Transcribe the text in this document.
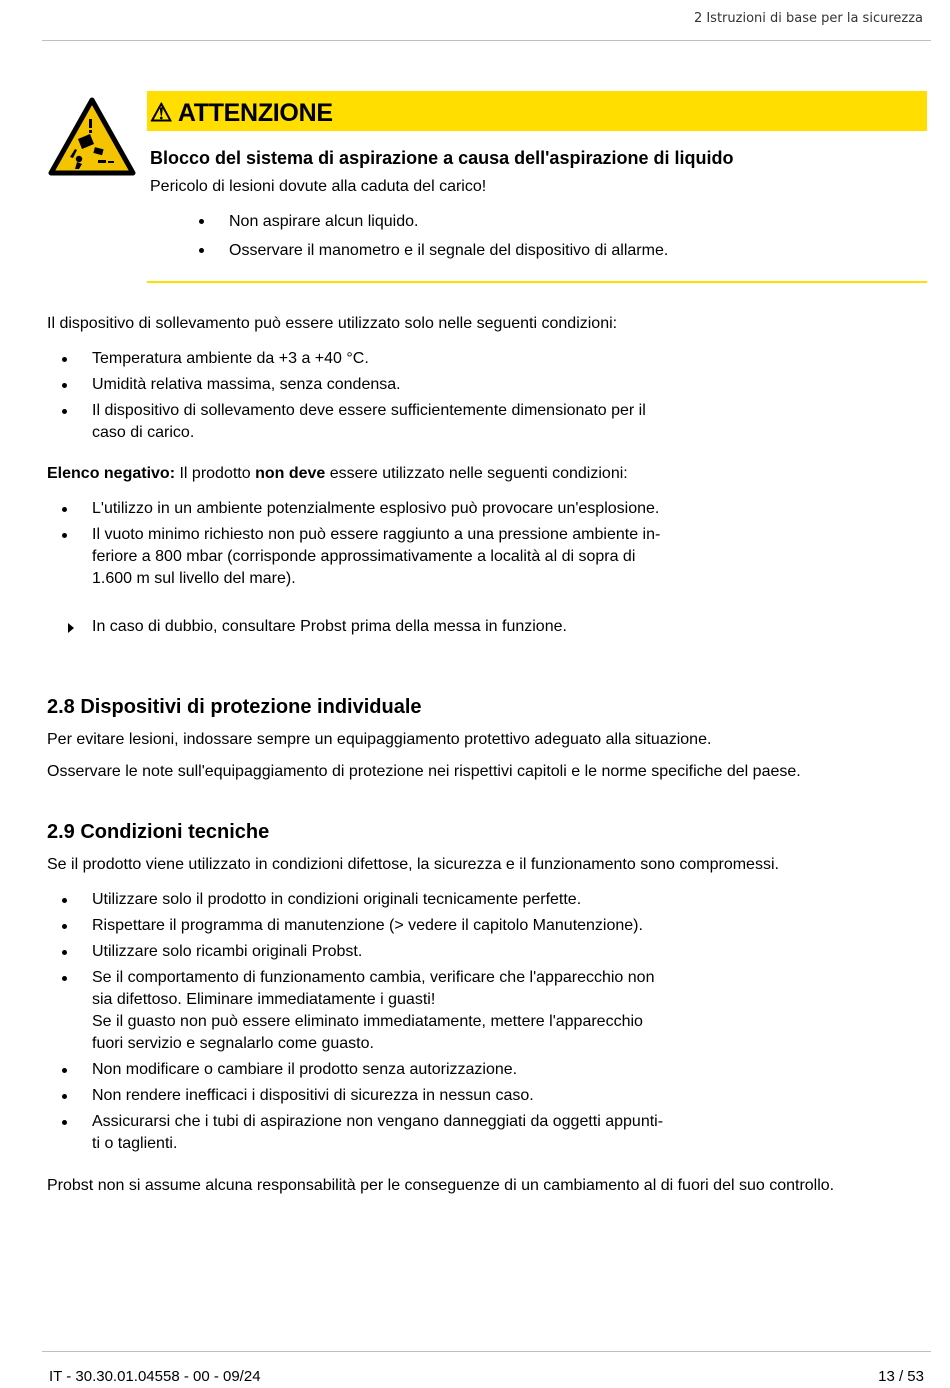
2 Istruzioni di base per la sicurezza
⚠ ATTENZIONE
Blocco del sistema di aspirazione a causa dell'aspirazione di liquido
Pericolo di lesioni dovute alla caduta del carico!
Non aspirare alcun liquido.
Osservare il manometro e il segnale del dispositivo di allarme.
Il dispositivo di sollevamento può essere utilizzato solo nelle seguenti condizioni:
Temperatura ambiente da +3 a +40 °C.
Umidità relativa massima, senza condensa.
Il dispositivo di sollevamento deve essere sufficientemente dimensionato per il
caso di carico.
Elenco negativo: Il prodotto non deve essere utilizzato nelle seguenti condizioni:
L'utilizzo in un ambiente potenzialmente esplosivo può provocare un'esplosione.
Il vuoto minimo richiesto non può essere raggiunto a una pressione ambiente in-
feriore a 800 mbar (corrisponde approssimativamente a località al di sopra di
1.600 m sul livello del mare).
In caso di dubbio, consultare Probst prima della messa in funzione.
2.8 Dispositivi di protezione individuale
Per evitare lesioni, indossare sempre un equipaggiamento protettivo adeguato alla situazione.
Osservare le note sull'equipaggiamento di protezione nei rispettivi capitoli e le norme specifiche del paese.
2.9 Condizioni tecniche
Se il prodotto viene utilizzato in condizioni difettose, la sicurezza e il funzionamento sono compromessi.
Utilizzare solo il prodotto in condizioni originali tecnicamente perfette.
Rispettare il programma di manutenzione (> vedere il capitolo Manutenzione).
Utilizzare solo ricambi originali Probst.
Se il comportamento di funzionamento cambia, verificare che l'apparecchio non
sia difettoso. Eliminare immediatamente i guasti!
Se il guasto non può essere eliminato immediatamente, mettere l'apparecchio
fuori servizio e segnalarlo come guasto.
Non modificare o cambiare il prodotto senza autorizzazione.
Non rendere inefficaci i dispositivi di sicurezza in nessun caso.
Assicurarsi che i tubi di aspirazione non vengano danneggiati da oggetti appunti-
ti o taglienti.
Probst non si assume alcuna responsabilità per le conseguenze di un cambiamento al di fuori del suo controllo.
IT - 30.30.01.04558 - 00 - 09/24	13 / 53
